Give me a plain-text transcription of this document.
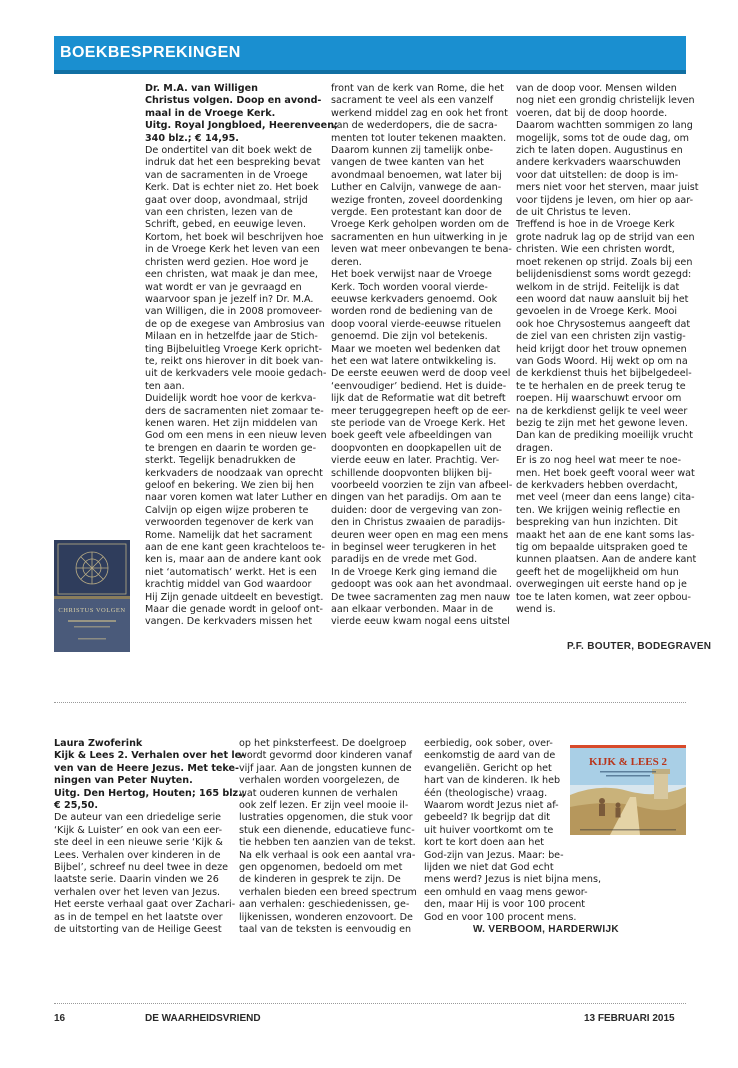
BOEKBESPREKINGEN
Dr. M.A. van Willigen
Christus volgen. Doop en avond-
maal in de Vroege Kerk.
Uitg. Royal Jongbloed, Heerenveen;
340 blz.; € 14,95.
De ondertitel van dit boek wekt de
indruk dat het een bespreking bevat
van de sacramenten in de Vroege
Kerk. Dat is echter niet zo. Het boek
gaat over doop, avondmaal, strijd
van een christen, lezen van de
Schrift, gebed, en eeuwige leven.
Kortom, het boek wil beschrijven hoe
in de Vroege Kerk het leven van een
christen werd gezien. Hoe word je
een christen, wat maak je dan mee,
wat wordt er van je gevraagd en
waarvoor span je jezelf in? Dr. M.A.
van Willigen, die in 2008 promoveer-
de op de exegese van Ambrosius van
Milaan en in hetzelfde jaar de Stich-
ting Bijbeluitleg Vroege Kerk opricht-
te, reikt ons hierover in dit boek van-
uit de kerkvaders vele mooie gedach-
ten aan.
Duidelijk wordt hoe voor de kerkva-
ders de sacramenten niet zomaar te-
kenen waren. Het zijn middelen van
God om een mens in een nieuw leven
te brengen en daarin te worden ge-
sterkt. Tegelijk benadrukken de
kerkvaders de noodzaak van oprecht
geloof en bekering. We zien bij hen
naar voren komen wat later Luther en
Calvijn op eigen wijze proberen te
verwoorden tegenover de kerk van
Rome. Namelijk dat het sacrament
aan de ene kant geen krachteloos te-
ken is, maar aan de andere kant ook
niet ‘automatisch’ werkt. Het is een
krachtig middel van God waardoor
Hij Zijn genade uitdeelt en bevestigt.
Maar die genade wordt in geloof ont-
vangen. De kerkvaders missen het
front van de kerk van Rome, die het
sacrament te veel als een vanzelf
werkend middel zag en ook het front
van de wederdopers, die de sacra-
menten tot louter tekenen maakten.
Daarom kunnen zij tamelijk onbe-
vangen de twee kanten van het
avondmaal benoemen, wat later bij
Luther en Calvijn, vanwege de aan-
wezige fronten, zoveel doordenking
vergde. Een protestant kan door de
Vroege Kerk geholpen worden om de
sacramenten en hun uitwerking in je
leven wat meer onbevangen te bena-
deren.
Het boek verwijst naar de Vroege
Kerk. Toch worden vooral vierde-
eeuwse kerkvaders genoemd. Ook
worden rond de bediening van de
doop vooral vierde-eeuwse rituelen
genoemd. Die zijn vol betekenis.
Maar we moeten wel bedenken dat
het een wat latere ontwikkeling is.
De eerste eeuwen werd de doop veel
‘eenvoudiger’ bediend. Het is duide-
lijk dat de Reformatie wat dit betreft
meer teruggegrepen heeft op de eer-
ste periode van de Vroege Kerk. Het
boek geeft vele afbeeldingen van
doopvonten en doopkapellen uit de
vierde eeuw en later. Prachtig. Ver-
schillende doopvonten blijken bij-
voorbeeld voorzien te zijn van afbeel-
dingen van het paradijs. Om aan te
duiden: door de vergeving van zon-
den in Christus zwaaien de paradijs-
deuren weer open en mag een mens
in beginsel weer terugkeren in het
paradijs en de vrede met God.
In de Vroege Kerk ging iemand die
gedoopt was ook aan het avondmaal.
De twee sacramenten zag men nauw
aan elkaar verbonden. Maar in de
vierde eeuw kwam nogal eens uitstel
van de doop voor. Mensen wilden
nog niet een grondig christelijk leven
voeren, dat bij de doop hoorde.
Daarom wachtten sommigen zo lang
mogelijk, soms tot de oude dag, om
zich te laten dopen. Augustinus en
andere kerkvaders waarschuwden
voor dat uitstellen: de doop is im-
mers niet voor het sterven, maar juist
voor tijdens je leven, om hier op aar-
de uit Christus te leven.
Treffend is hoe in de Vroege Kerk
grote nadruk lag op de strijd van een
christen. Wie een christen wordt,
moet rekenen op strijd. Zoals bij een
belijdenisdienst soms wordt gezegd:
welkom in de strijd. Feitelijk is dat
een woord dat nauw aansluit bij het
gevoelen in de Vroege Kerk. Mooi
ook hoe Chrysostemus aangeeft dat
de ziel van een christen zijn vastig-
heid krijgt door het trouw opnemen
van Gods Woord. Hij wekt op om na
de kerkdienst thuis het bijbelgedeel-
te te herhalen en de preek terug te
roepen. Hij waarschuwt ervoor om
na de kerkdienst gelijk te veel weer
bezig te zijn met het gewone leven.
Dan kan de prediking moeilijk vrucht
dragen.
Er is zo nog heel wat meer te noe-
men. Het boek geeft vooral weer wat
de kerkvaders hebben overdacht,
met veel (meer dan eens lange) cita-
ten. We krijgen weinig reflectie en
bespreking van hun inzichten. Dit
maakt het aan de ene kant soms las-
tig om bepaalde uitspraken goed te
kunnen plaatsen. Aan de andere kant
geeft het de mogelijkheid om hun
overwegingen uit eerste hand op je
toe te laten komen, wat zeer opbou-
wend is.
P.F. BOUTER, BODEGRAVEN
CHRISTUS VOLGEN
Laura Zwoferink
Kijk & Lees 2. Verhalen over het le-
ven van de Heere Jezus. Met teke-
ningen van Peter Nuyten.
Uitg. Den Hertog, Houten; 165 blz.,
€ 25,50.
De auteur van een driedelige serie
‘Kijk & Luister’ en ook van een eer-
ste deel in een nieuwe serie ‘Kijk &
Lees. Verhalen over kinderen in de
Bijbel’, schreef nu deel twee in deze
laatste serie. Daarin vinden we 26
verhalen over het leven van Jezus.
Het eerste verhaal gaat over Zachari-
as in de tempel en het laatste over
de uitstorting van de Heilige Geest
op het pinksterfeest. De doelgroep
wordt gevormd door kinderen vanaf
vijf jaar. Aan de jongsten kunnen de
verhalen worden voorgelezen, de
wat ouderen kunnen de verhalen
ook zelf lezen. Er zijn veel mooie il-
lustraties opgenomen, die stuk voor
stuk een dienende, educatieve func-
tie hebben ten aanzien van de tekst.
Na elk verhaal is ook een aantal vra-
gen opgenomen, bedoeld om met
de kinderen in gesprek te zijn. De
verhalen bieden een breed spectrum
aan verhalen: geschiedenissen, ge-
lijkenissen, wonderen enzovoort. De
taal van de teksten is eenvoudig en
eerbiedig, ook sober, over-
eenkomstig de aard van de
evangeliën. Gericht op het
hart van de kinderen. Ik heb
één (theologische) vraag.
Waarom wordt Jezus niet af-
gebeeld? Ik begrijp dat dit
uit huiver voortkomt om te
kort te kort doen aan het
God-zijn van Jezus. Maar: be-
lijden we niet dat God echt
mens werd? Jezus is niet bijna mens,
een omhuld en vaag mens gewor-
den, maar Hij is voor 100 procent
God en voor 100 procent mens.
W. VERBOOM, HARDERWIJK
KIJK & LEES 2
16	DE WAARHEIDSVRIEND	13 FEBRUARI 2015
